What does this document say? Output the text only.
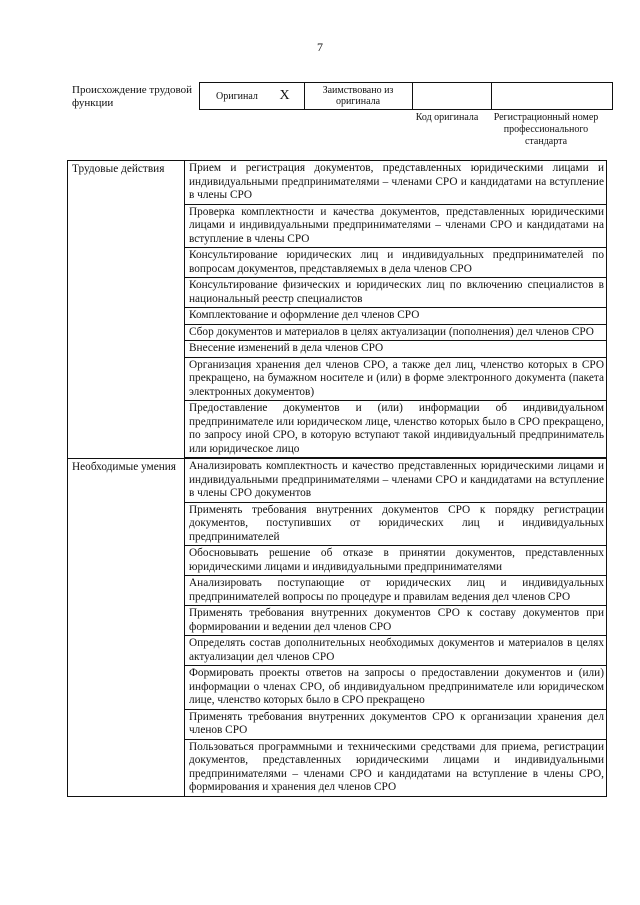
7
Происхождение трудовой функции
Оригинал	X	Заимствовано из оригинала		
Код оригинала	Регистрационный номер профессионального стандарта
Трудовые действия	Прием и регистрация документов, представленных юридическими лицами и индивидуальными предпринимателями – членами СРО и кандидатами на вступление в члены СРО
	Проверка комплектности и качества документов, представленных юридическими лицами и индивидуальными предпринимателями – членами СРО и кандидатами на вступление в члены СРО
	Консультирование юридических лиц и индивидуальных предпринимателей по вопросам документов, представляемых в дела членов СРО
	Консультирование физических и юридических лиц по включению специалистов в национальный реестр специалистов
	Комплектование и оформление дел членов СРО
	Сбор документов и материалов в целях актуализации (пополнения) дел членов СРО
	Внесение изменений в дела членов СРО
	Организация хранения дел членов СРО, а также дел лиц, членство которых в СРО прекращено, на бумажном носителе и (или) в форме электронного документа (пакета электронных документов)
	Предоставление документов и (или) информации об индивидуальном предпринимателе или юридическом лице, членство которых было в СРО прекращено, по запросу иной СРО, в которую вступают такой индивидуальный предприниматель или юридическое лицо
Необходимые умения	Анализировать комплектность и качество представленных юридическими лицами и индивидуальными предпринимателями – членами СРО и кандидатами на вступление в члены СРО документов
	Применять требования внутренних документов СРО к порядку регистрации документов, поступивших от юридических лиц и индивидуальных предпринимателей
	Обосновывать решение об отказе в принятии документов, представленных юридическими лицами и индивидуальными предпринимателями
	Анализировать поступающие от юридических лиц и индивидуальных предпринимателей вопросы по процедуре и правилам ведения дел членов СРО
	Применять требования внутренних документов СРО к составу документов при формировании и ведении дел членов СРО
	Определять состав дополнительных необходимых документов и материалов в целях актуализации дел членов СРО
	Формировать проекты ответов на запросы о предоставлении документов и (или) информации о членах СРО, об индивидуальном предпринимателе или юридическом лице, членство которых было в СРО прекращено
	Применять требования внутренних документов СРО к организации хранения дел членов СРО
	Пользоваться программными и техническими средствами для приема, регистрации документов, представленных юридическими лицами и индивидуальными предпринимателями – членами СРО и кандидатами на вступление в члены СРО, формирования и хранения дел членов СРО
